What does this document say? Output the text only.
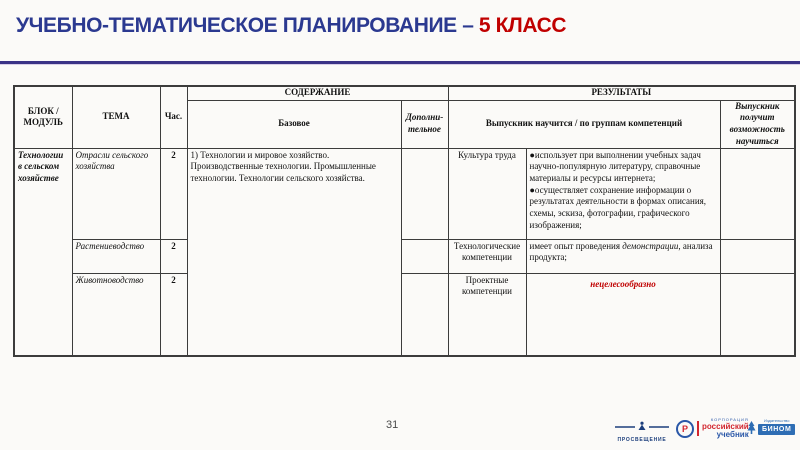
УЧЕБНО-ТЕМАТИЧЕСКОЕ ПЛАНИРОВАНИЕ – 5 КЛАСС
БЛОК / МОДУЛЬ	ТЕМА	Час.	СОДЕРЖАНИЕ		РЕЗУЛЬТАТЫ		
			Базовое	Дополни-тельное	Выпускник научится / по группам компетенций		Выпускник получит возможность научиться
Технологии в сельском хозяйстве	Отрасли сельского хозяйства	2	1) Технологии и мировое хозяйство. Производственные технологии. Промышленные технологии. Технологии сельского хозяйства.		Культура труда	●использует при выполнении учебных задач научно-популярную литературу, справочные материалы и ресурсы интернета;
●осуществляет сохранение информации о результатах деятельности в формах описания, схемы, эскиза, фотографии, графического изображения;	

	Растениеводство	2			Технологические компетенции	имеет опыт проведения демонстрации, анализа продукта;	
	Животноводство	2			Проектные компетенции	нецелесообразно	

31
ПРОСВЕЩЕНИЕ
Р
КОРПОРАЦИЯ
российский
учебник
Издательство
БИНОМ
